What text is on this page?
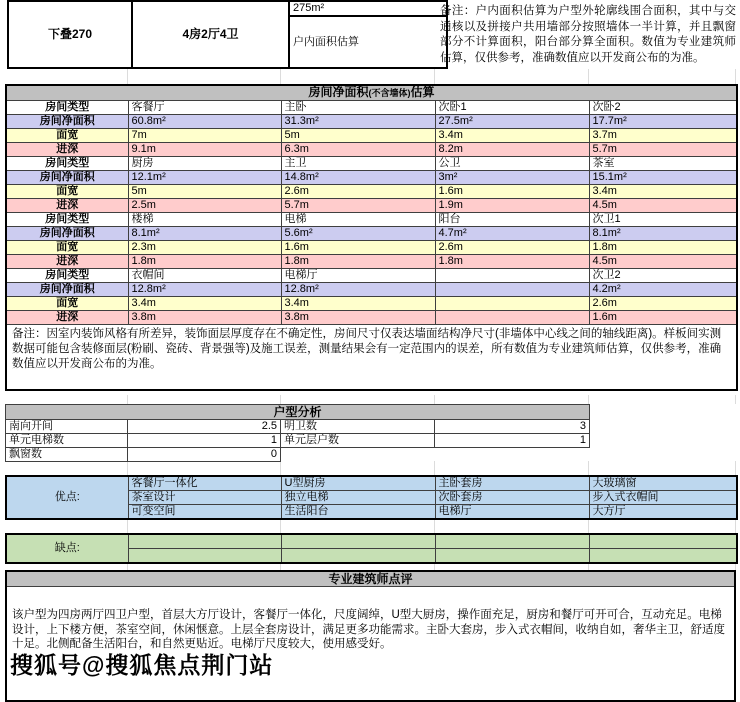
下叠270	4房2厅4卫	275m²
户内面积估算
备注：户内面积估算为户型外轮廓线围合面积，其中与交通核以及拼接户共用墙部分按照墙体一半计算，并且飘窗部分不计算面积，阳台部分算全面积。数值为专业建筑师估算，仅供参考，准确数值应以开发商公布的为准。
房间净面积(不含墙体)估算				
房间类型	客餐厅	主卧	次卧1	次卧2
房间净面积	60.8m²	31.3m²	27.5m²	17.7m²
面宽	7m	5m	3.4m	3.7m
进深	9.1m	6.3m	8.2m	5.7m
房间类型	厨房	主卫	公卫	茶室
房间净面积	12.1m²	14.8m²	3m²	15.1m²
面宽	5m	2.6m	1.6m	3.4m
进深	2.5m	5.7m	1.9m	4.5m
房间类型	楼梯	电梯	阳台	次卫1
房间净面积	8.1m²	5.6m²	4.7m²	8.1m²
面宽	2.3m	1.6m	2.6m	1.8m
进深	1.8m	1.8m	1.8m	4.5m
房间类型	衣帽间	电梯厅		次卫2
房间净面积	12.8m²	12.8m²		4.2m²
面宽	3.4m	3.4m		2.6m
进深	3.8m	3.8m		1.6m
备注：因室内装饰风格有所差异，装饰面层厚度存在不确定性，房间尺寸仅表达墙面结构净尺寸(非墙体中心线之间的轴线距离)。样板间实测数据可能包含装修面层(粉刷、瓷砖、背景强等)及施工误差，测量结果会有一定范围内的误差，所有数值为专业建筑师估算，仅供参考，准确数值应以开发商公布的为准。				
户型分析			
南向开间	2.5	明卫数	3
单元电梯数	1	单元层户数	1
飘窗数	0		
优点:	客餐厅一体化	U型厨房	主卧套房	大玻璃窗
	茶室设计	独立电梯	次卧套房	步入式衣帽间
	可变空间	生活阳台	电梯厅	大方厅
缺点:				

专业建筑师点评
该户型为四房两厅四卫户型，首层大方厅设计，客餐厅一体化，尺度阔绰，U型大厨房，操作面充足，厨房和餐厅可开可合，互动充足。电梯设计，上下楼方便，茶室空间，休闲惬意。上层全套房设计，满足更多功能需求。主卧大套房，步入式衣帽间，收纳自如，奢华主卫，舒适度十足。北侧配备生活阳台，和自然更贴近。电梯厅尺度较大，使用感受好。
搜狐号@搜狐焦点荆门站
